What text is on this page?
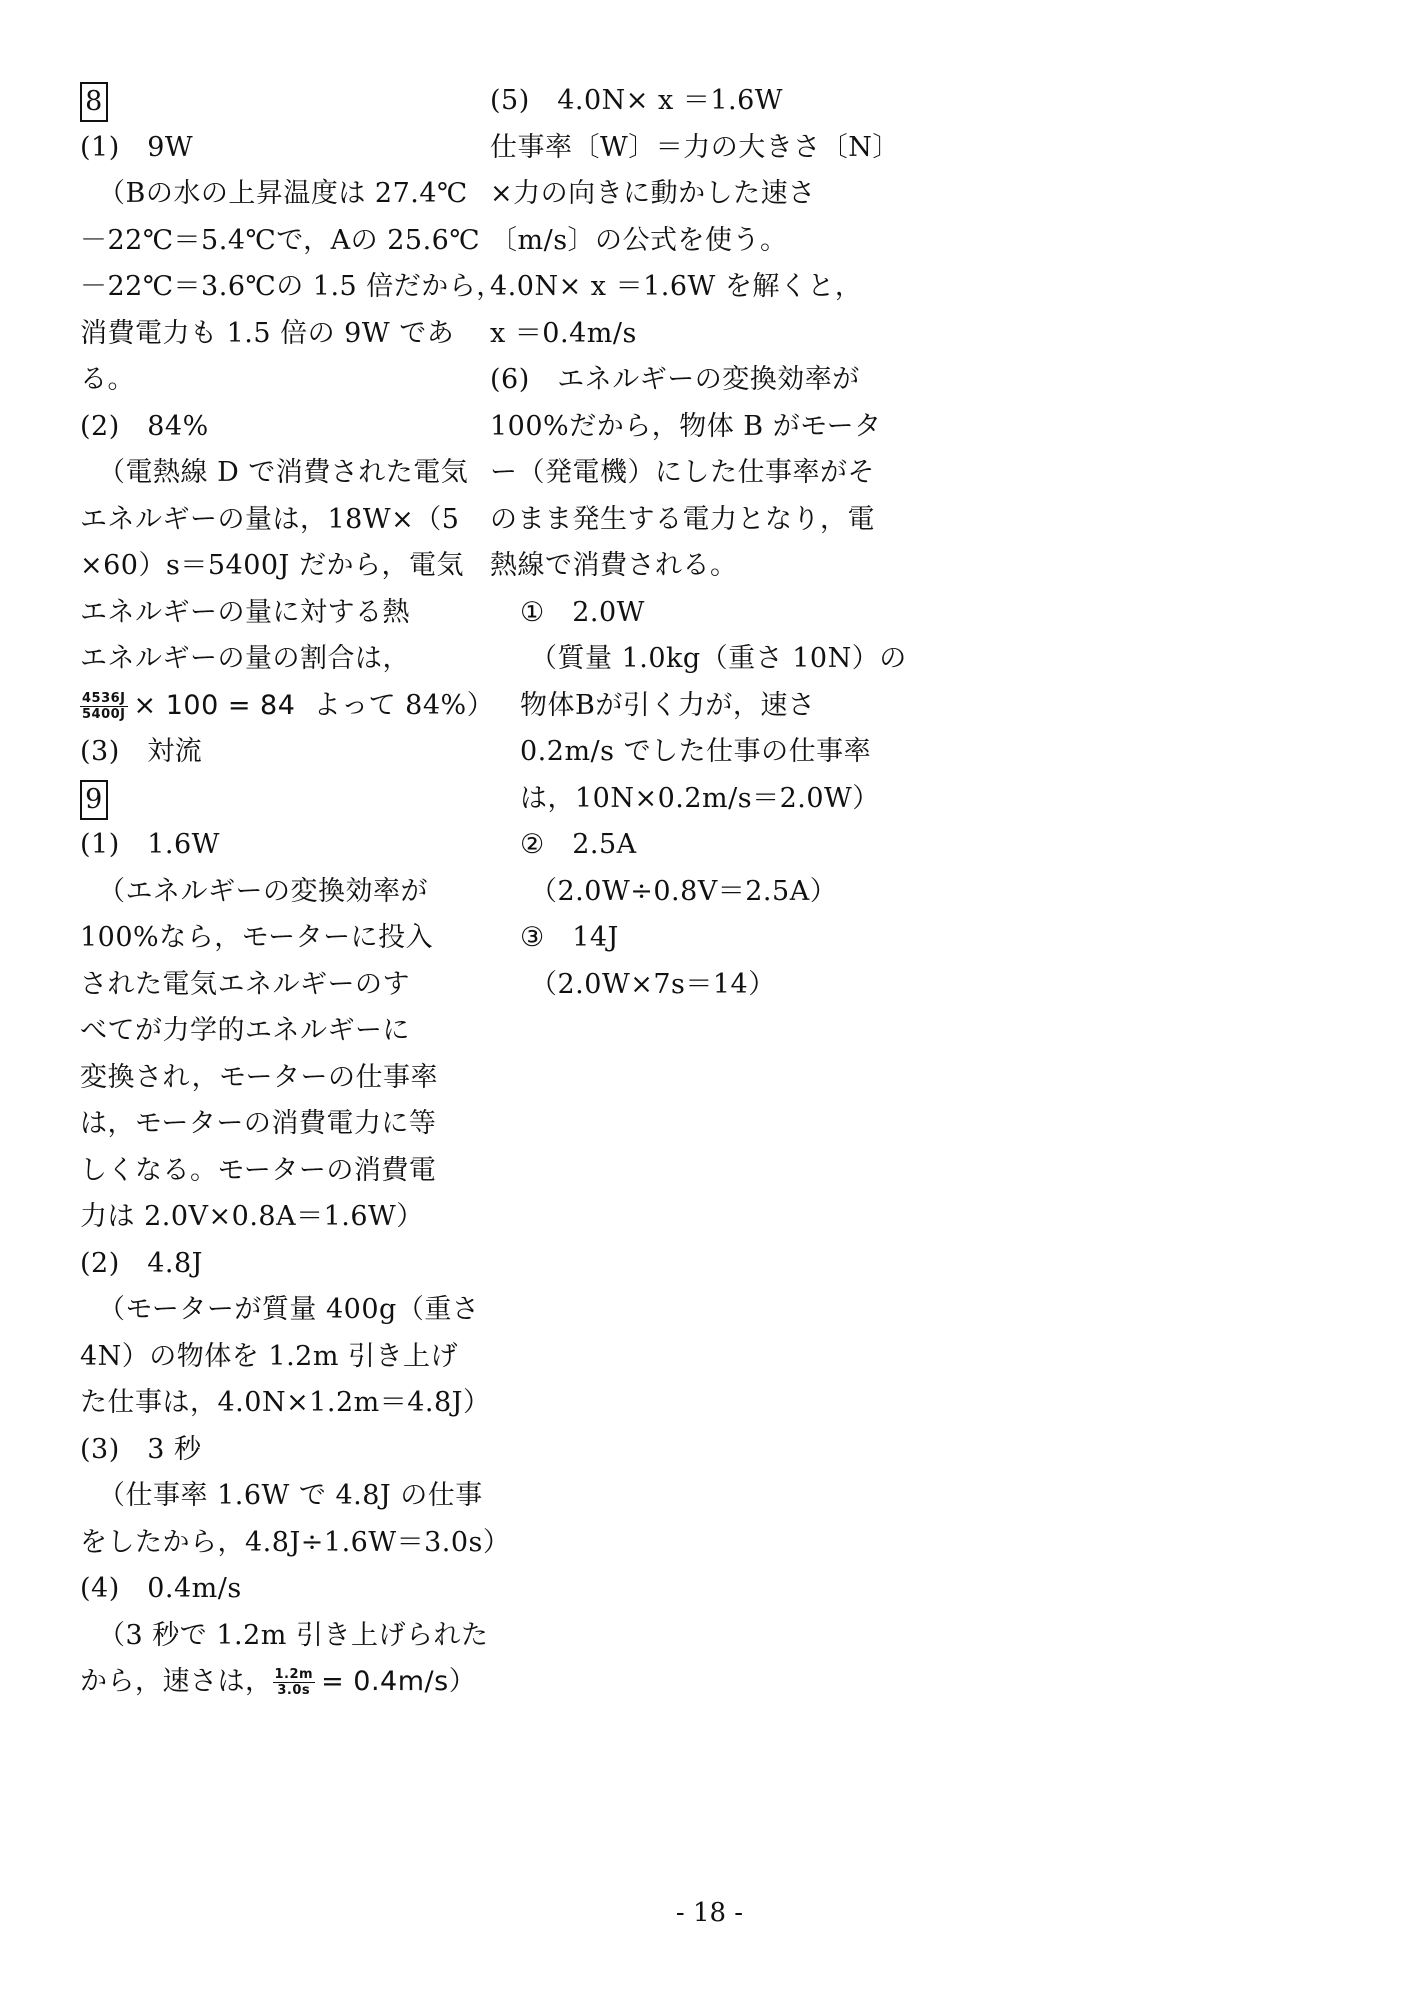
8
(1)　9W
（Bの水の上昇温度は 27.4℃
－22℃＝5.4℃で，Aの 25.6℃
－22℃＝3.6℃の 1.5 倍だから，
消費電力も 1.5 倍の 9W であ
る。
(2)　84%
（電熱線 D で消費された電気
エネルギーの量は，18W×（5
×60）s＝5400J だから，電気
エネルギーの量に対する熱
エネルギーの量の割合は，
$\frac{4536J}{5400J} \times 100 = 84$ よって 84%）
(3)　対流
9
(1)　1.6W
（エネルギーの変換効率が
100%なら，モーターに投入
された電気エネルギーのす
べてが力学的エネルギーに
変換され，モーターの仕事率
は，モーターの消費電力に等
しくなる。モーターの消費電
力は 2.0V×0.8A＝1.6W）
(2)　4.8J
（モーターが質量 400g（重さ
4N）の物体を 1.2m 引き上げ
た仕事は，4.0N×1.2m＝4.8J）
(3)　3 秒
（仕事率 1.6W で 4.8J の仕事
をしたから，4.8J÷1.6W＝3.0s）
(4)　0.4m/s
（3 秒で 1.2m 引き上げられた
から，速さは， $\frac{1.2m}{3.0s} = 0.4m/s$）
(5)　4.0N× x ＝1.6W
仕事率〔W〕＝力の大きさ〔N〕
×力の向きに動かした速さ
〔m/s〕の公式を使う。
4.0N× x ＝1.6W を解くと，
x ＝0.4m/s
(6)　エネルギーの変換効率が
100%だから，物体 B がモータ
ー（発電機）にした仕事率がそ
のまま発生する電力となり，電
熱線で消費される。
①　2.0W
（質量 1.0kg（重さ 10N）の
物体Bが引く力が，速さ
0.2m/s でした仕事の仕事率
は，10N×0.2m/s＝2.0W）
②　2.5A
（2.0W÷0.8V＝2.5A）
③　14J
（2.0W×7s＝14）
- 18 -
